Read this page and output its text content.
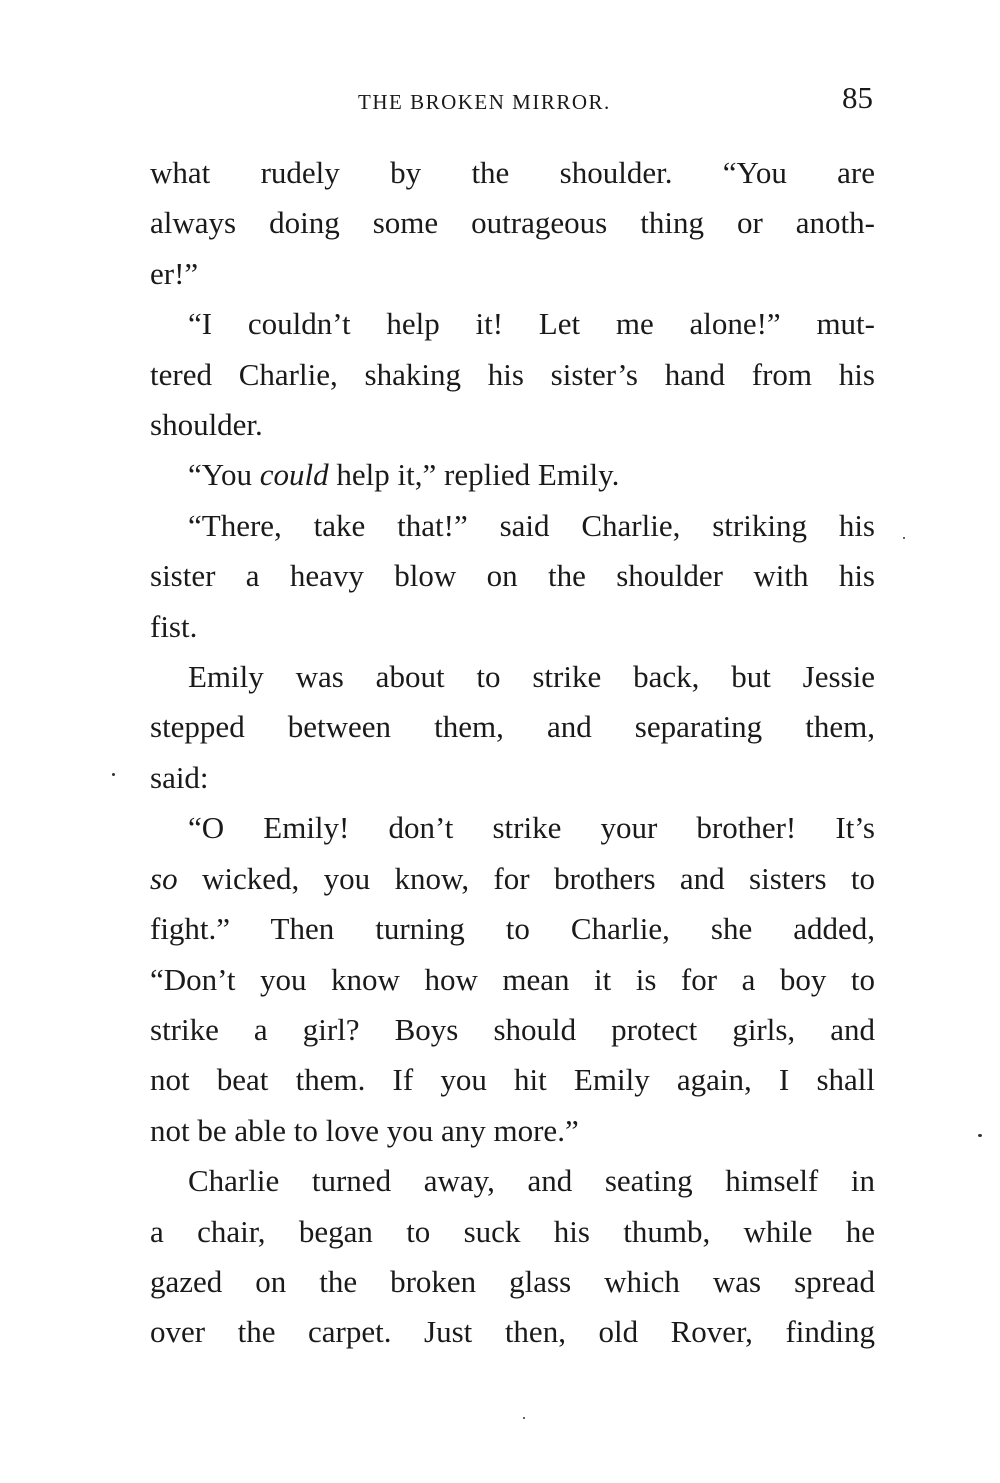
THE BROKEN MIRROR.	85
what rudely by the shoulder. “You are
always doing some outrageous thing or anoth-
er!”
“I couldn’t help it! Let me alone!” mut-
tered Charlie, shaking his sister’s hand from his
shoulder.
“You could help it,” replied Emily.
“There, take that!” said Charlie, striking his
sister a heavy blow on the shoulder with his
fist.
Emily was about to strike back, but Jessie
stepped between them, and separating them,
said:
“O Emily! don’t strike your brother! It’s
so wicked, you know, for brothers and sisters to
fight.” Then turning to Charlie, she added,
“Don’t you know how mean it is for a boy to
strike a girl? Boys should protect girls, and
not beat them. If you hit Emily again, I shall
not be able to love you any more.”
Charlie turned away, and seating himself in
a chair, began to suck his thumb, while he
gazed on the broken glass which was spread
over the carpet. Just then, old Rover, finding
